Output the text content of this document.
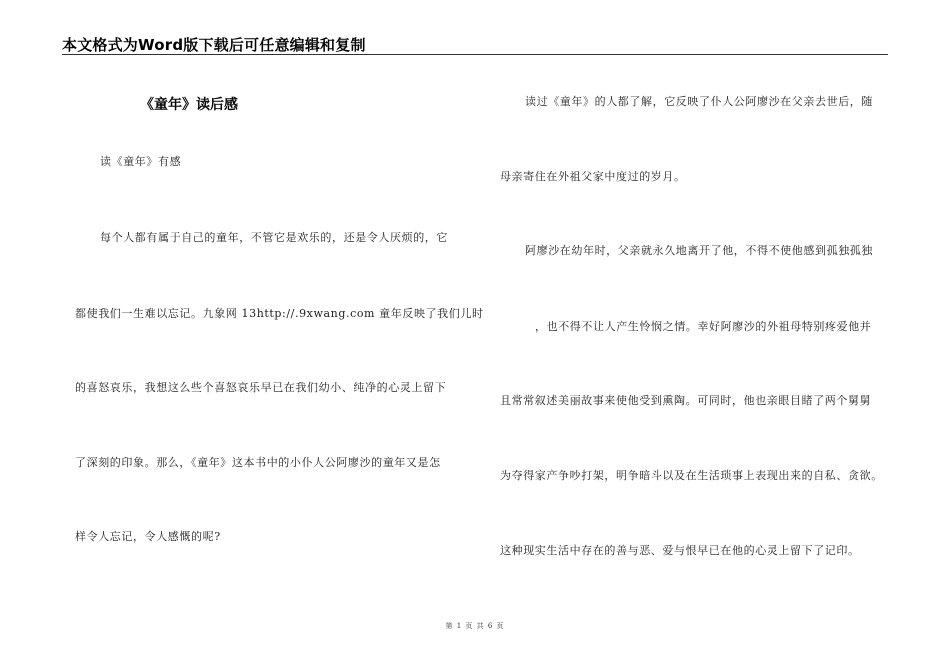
本文格式为Word版下载后可任意编辑和复制
《童年》读后感
读《童年》有感
每个人都有属于自己的童年，不管它是欢乐的，还是令人厌烦的，它
都使我们一生难以忘记。九象网 13http://.9xwang.com 童年反映了我们儿时
的喜怒哀乐，我想这么些个喜怒哀乐早已在我们幼小、纯净的心灵上留下
了深刻的印象。那么，《童年》这本书中的小仆人公阿廖沙的童年又是怎
样令人忘记，令人感慨的呢?
读过《童年》的人都了解，它反映了仆人公阿廖沙在父亲去世后，随
母亲寄住在外祖父家中度过的岁月。
阿廖沙在幼年时，父亲就永久地离开了他，不得不使他感到孤独孤独
，也不得不让人产生怜悯之情。幸好阿廖沙的外祖母特别疼爱他并
且常常叙述美丽故事来使他受到熏陶。可同时，他也亲眼目睹了两个舅舅
为夺得家产争吵打架，明争暗斗以及在生活琐事上表现出来的自私、贪欲。
这种现实生活中存在的善与恶、爱与恨早已在他的心灵上留下了记印。
第 1 页 共 6 页
